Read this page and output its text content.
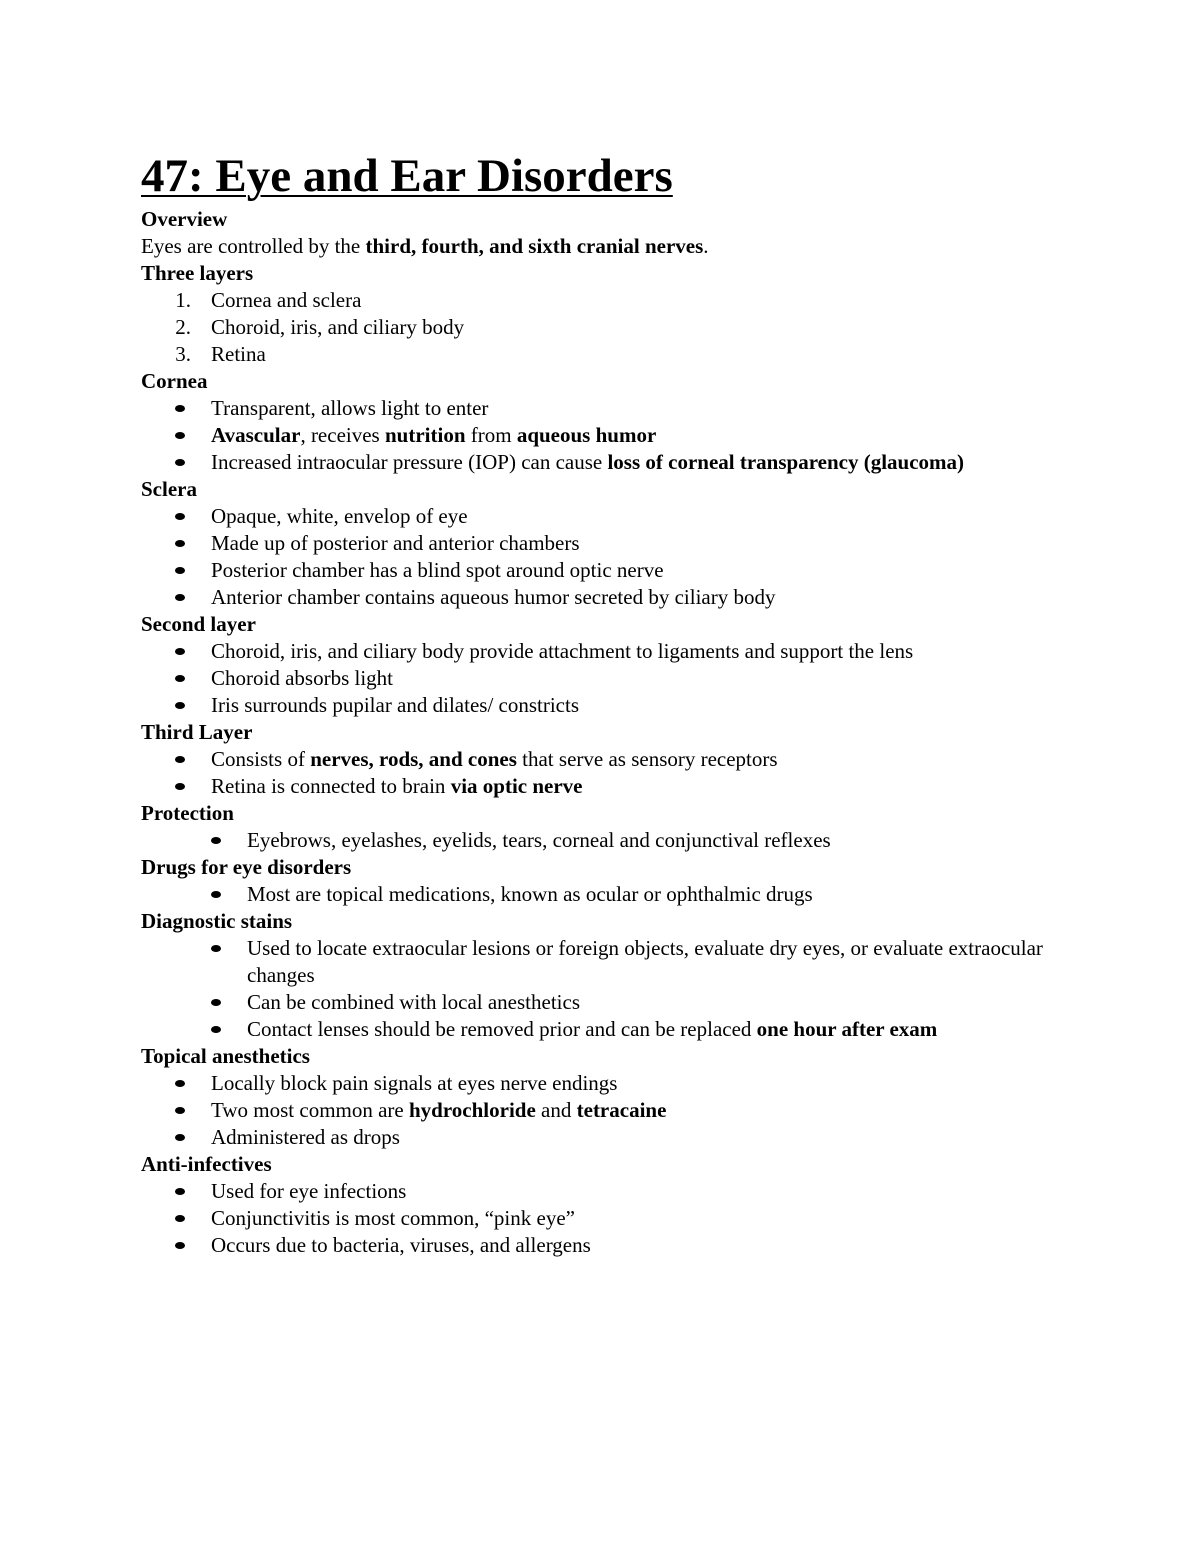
47: Eye and Ear Disorders
Overview
Eyes are controlled by the third, fourth, and sixth cranial nerves.
Three layers
1. Cornea and sclera
2. Choroid, iris, and ciliary body
3. Retina
Cornea
Transparent, allows light to enter
Avascular, receives nutrition from aqueous humor
Increased intraocular pressure (IOP) can cause loss of corneal transparency (glaucoma)
Sclera
Opaque, white, envelop of eye
Made up of posterior and anterior chambers
Posterior chamber has a blind spot around optic nerve
Anterior chamber contains aqueous humor secreted by ciliary body
Second layer
Choroid, iris, and ciliary body provide attachment to ligaments and support the lens
Choroid absorbs light
Iris surrounds pupilar and dilates/ constricts
Third Layer
Consists of nerves, rods, and cones that serve as sensory receptors
Retina is connected to brain via optic nerve
Protection
Eyebrows, eyelashes, eyelids, tears, corneal and conjunctival reflexes
Drugs for eye disorders
Most are topical medications, known as ocular or ophthalmic drugs
Diagnostic stains
Used to locate extraocular lesions or foreign objects, evaluate dry eyes, or evaluate extraocular changes
Can be combined with local anesthetics
Contact lenses should be removed prior and can be replaced one hour after exam
Topical anesthetics
Locally block pain signals at eyes nerve endings
Two most common are hydrochloride and tetracaine
Administered as drops
Anti-infectives
Used for eye infections
Conjunctivitis is most common, “pink eye”
Occurs due to bacteria, viruses, and allergens
